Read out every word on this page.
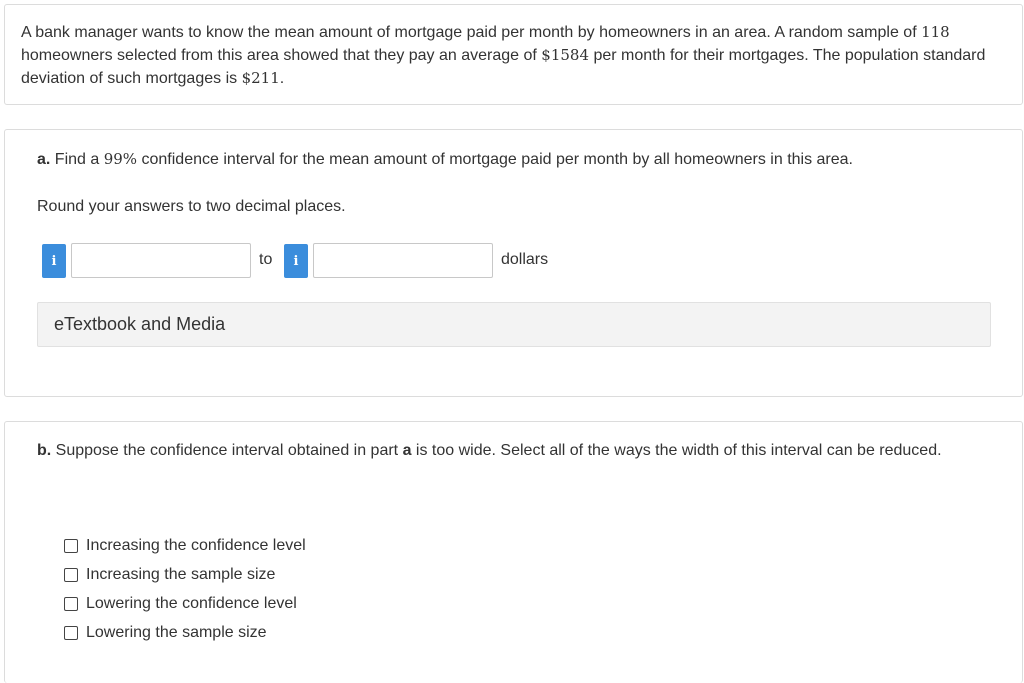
A bank manager wants to know the mean amount of mortgage paid per month by homeowners in an area. A random sample of 118 homeowners selected from this area showed that they pay an average of $1584 per month for their mortgages. The population standard deviation of such mortgages is $211.

a. Find a 99% confidence interval for the mean amount of mortgage paid per month by all homeowners in this area.
Round your answers to two decimal places.
i	to	i	dollars
eTextbook and Media
b. Suppose the confidence interval obtained in part a is too wide. Select all of the ways the width of this interval can be reduced.
Increasing the confidence level
Increasing the sample size
Lowering the confidence level
Lowering the sample size
